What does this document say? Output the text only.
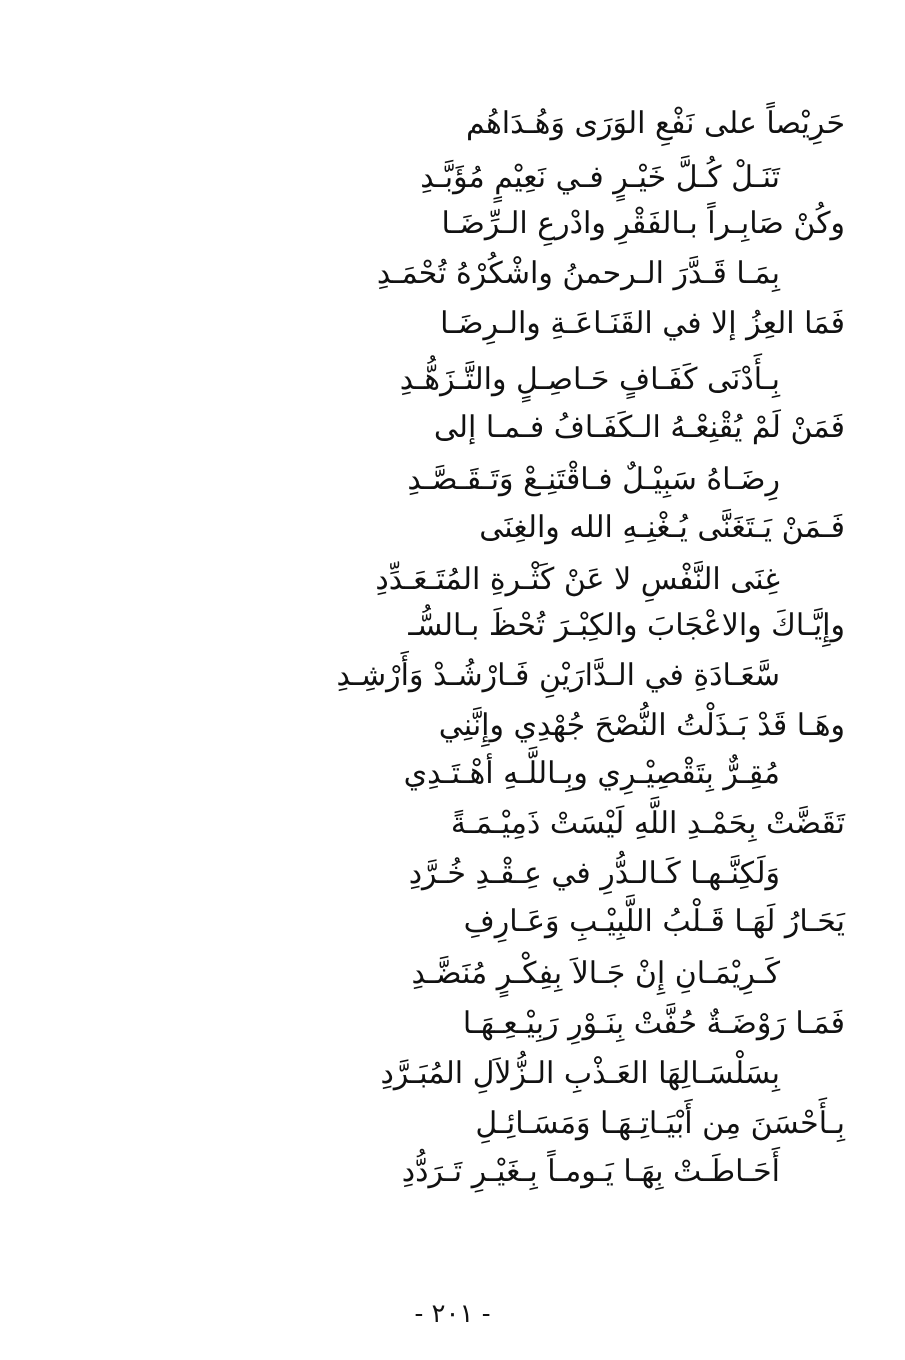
حَرِيْصاً على نَفْعِ الوَرَى وَهُـدَاهُم
تَنَـلْ كُـلَّ خَيْـرٍ فـي نَعِيْمٍ مُؤَبَّـدِ
وكُنْ صَابِـراً بـالفَقْرِ وادْرعِ الـرِّضَـا
بِمَـا قَـدَّرَ الـرحمنُ واشْكُرْهُ تُحْمَـدِ
فَمَا العِزُ إلا في القَنَـاعَـةِ والـرِضَـا
بِـأَدْنَى كَفَـافٍ حَـاصِـلٍ والتَّـزَهُّـدِ
فَمَنْ لَمْ يُقْنِعْـهُ الـكَفَـافُ فـمـا إلى
رِضَـاهُ سَبِيْـلٌ فـاقْتَنِـعْ وَتَـقَـصَّـدِ
فَـمَنْ يَـتَغَنَّى يُـغْنِـهِ الله والغِنَى
غِنَى النَّفْسِ لا عَنْ كَثْـرةِ المُتَـعَـدِّدِ
وإِيَّـاكَ والاعْجَابَ والكِبْـرَ تُحْظَ بـالسُّـ
سَّعَـادَةِ في الـدَّارَيْنِ فَـارْشُـدْ وَأَرْشِـدِ
وهَـا قَدْ بَـذَلْتُ النُّصْحَ جُهْدِي وإِنَّنِي
مُقِـرٌّ بِتَقْصِيْـرِي وبِـاللَّـهِ أهْـتَـدِي
تَقَضَّتْ بِحَمْـدِ اللَّهِ لَيْسَتْ ذَمِيْـمَـةً
وَلَكِنَّـهـا كَـالـدُّرِ في عِـقْـدِ خُـرَّدِ
يَحَـارُ لَهَـا قَـلْبُ اللَّبِيْـبِ وَعَـارِفِ
كَـرِيْمَـانِ إِنْ جَـالاَ بِفِكْـرٍ مُنَضَّـدِ
فَمَـا رَوْضَـةٌ حُفَّتْ بِنَـوْرِ رَبِيْـعِـهَـا
بِسَلْسَـالِهَا العَـذْبِ الـزُّلاَلِ المُبَـرَّدِ
بِـأَحْسَنَ مِن أَبْيَـاتِـهَـا وَمَسَـائِـلِ
أَحَـاطَـتْ بِهَـا يَـومـاً بِـغَيْـرِ تَـرَدُّدِ
- ٢٠١ -
